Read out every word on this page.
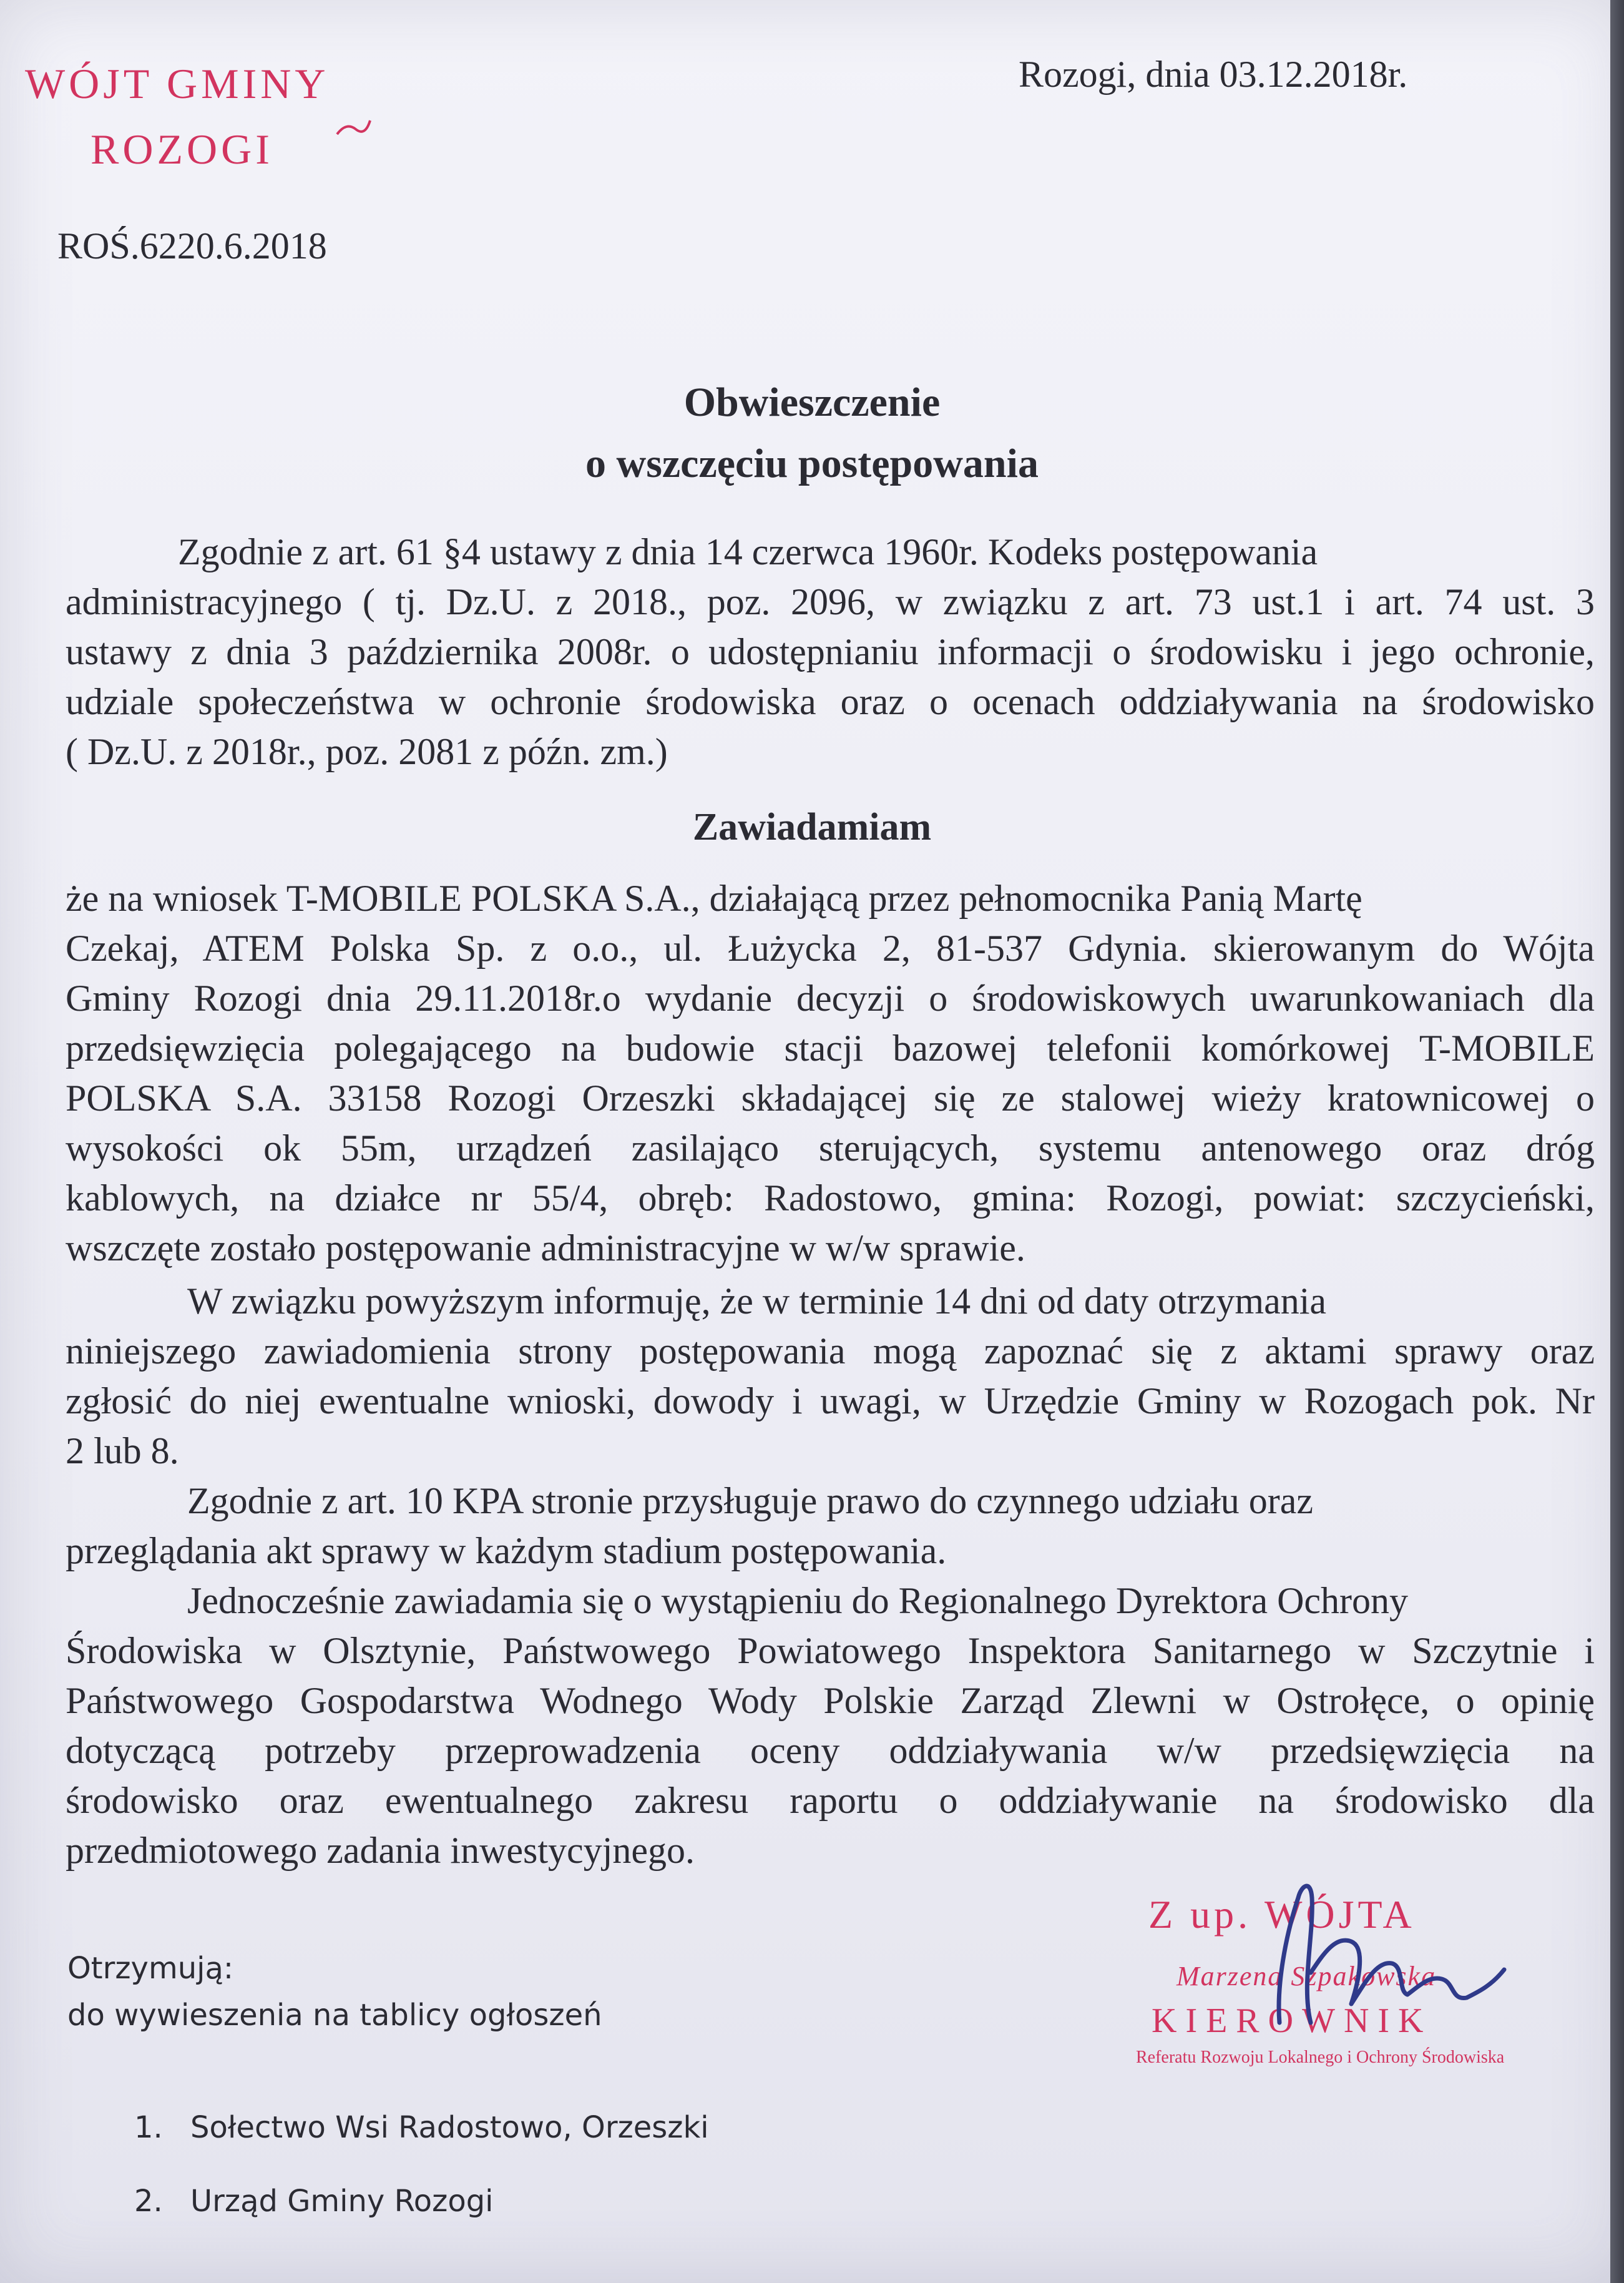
WÓJT GMINY
ROZOGI
Rozogi, dnia 03.12.2018r.
ROŚ.6220.6.2018
Obwieszczenie
o wszczęciu postępowania
Zgodnie z art. 61 §4 ustawy z dnia 14 czerwca 1960r. Kodeks postępowania
administracyjnego ( tj. Dz.U. z 2018., poz. 2096, w związku z art. 73 ust.1 i art. 74 ust. 3
ustawy z dnia 3 października 2008r. o udostępnianiu informacji o środowisku i jego ochronie,
udziale społeczeństwa w ochronie środowiska oraz o ocenach oddziaływania na środowisko
( Dz.U. z 2018r., poz. 2081 z późn. zm.)
Zawiadamiam
że na wniosek T-MOBILE POLSKA S.A., działającą przez pełnomocnika Panią Martę
Czekaj, ATEM Polska Sp. z o.o., ul. Łużycka 2, 81-537 Gdynia. skierowanym do Wójta
Gminy Rozogi dnia 29.11.2018r.o wydanie decyzji o środowiskowych uwarunkowaniach dla
przedsięwzięcia polegającego na budowie stacji bazowej telefonii komórkowej T-MOBILE
POLSKA S.A. 33158 Rozogi Orzeszki składającej się ze stalowej wieży kratownicowej o
wysokości ok 55m, urządzeń zasilająco sterujących, systemu antenowego oraz dróg
kablowych, na działce nr 55/4, obręb: Radostowo, gmina: Rozogi, powiat: szczycieński,
wszczęte zostało postępowanie administracyjne w w/w sprawie.
W związku powyższym informuję, że w terminie 14 dni od daty otrzymania
niniejszego zawiadomienia strony postępowania mogą zapoznać się z aktami sprawy oraz
zgłosić do niej ewentualne wnioski, dowody i uwagi, w Urzędzie Gminy w Rozogach pok. Nr
2 lub 8.
Zgodnie z art. 10 KPA stronie przysługuje prawo do czynnego udziału oraz
przeglądania akt sprawy w każdym stadium postępowania.
Jednocześnie zawiadamia się o wystąpieniu do Regionalnego Dyrektora Ochrony
Środowiska w Olsztynie, Państwowego Powiatowego Inspektora Sanitarnego w Szczytnie i
Państwowego Gospodarstwa Wodnego Wody Polskie Zarząd Zlewni w Ostrołęce, o opinię
dotyczącą potrzeby przeprowadzenia oceny oddziaływania w/w przedsięwzięcia na
środowisko oraz ewentualnego zakresu raportu o oddziaływanie na środowisko dla
przedmiotowego zadania inwestycyjnego.
Z up. WÓJTA
Marzena Szpakowska
KIEROWNIK
Referatu Rozwoju Lokalnego i Ochrony Środowiska
Otrzymują:
do wywieszenia na tablicy ogłoszeń
1. Sołectwo Wsi Radostowo, Orzeszki
2. Urząd Gminy Rozogi
